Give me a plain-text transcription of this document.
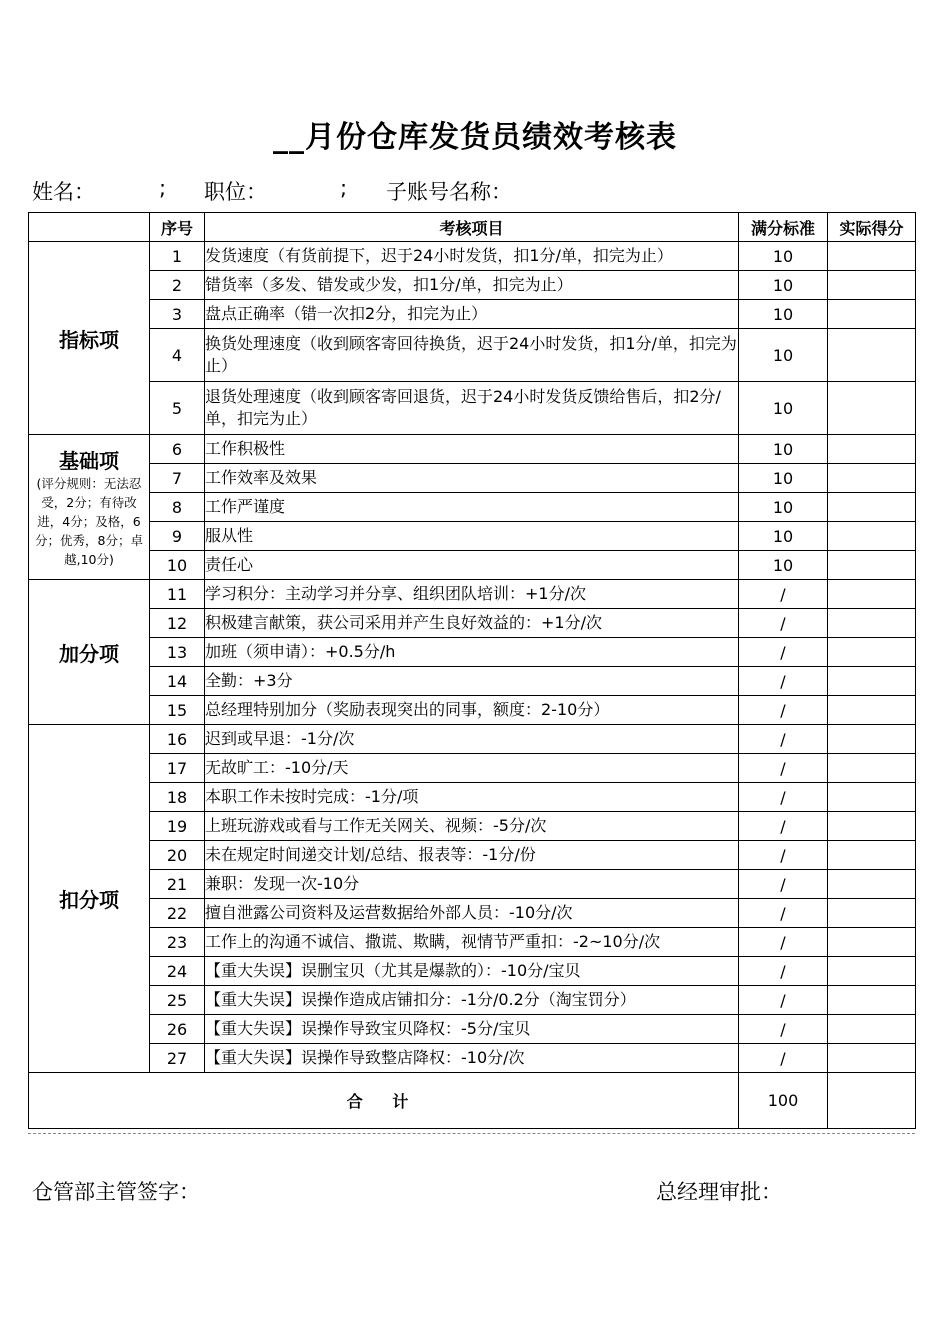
__月份仓库发货员绩效考核表
姓名：	; 职位：	; 子账号名称：
	序号	考核项目	满分标准	实际得分

指标项	1	发货速度（有货前提下，迟于24小时发货，扣1分/单，扣完为止）	10	
	2	错货率（多发、错发或少发，扣1分/单，扣完为止）	10	
	3	盘点正确率（错一次扣2分，扣完为止）	10	
	4	换货处理速度（收到顾客寄回待换货，迟于24小时发货，扣1分/单，扣完为止）	10	
	5	退货处理速度（收到顾客寄回退货，迟于24小时发货反馈给售后，扣2分/单，扣完为止）	10	

基础项
(评分规则：无法忍受，2分；有待改进，4分；及格，6分；优秀，8分；卓越,10分)	6	工作积极性	10	
	7	工作效率及效果	10	
	8	工作严谨度	10	
	9	服从性	10	
	10	责任心	10	

加分项	11	学习积分：主动学习并分享、组织团队培训：+1分/次	/	
	12	积极建言献策，获公司采用并产生良好效益的：+1分/次	/	
	13	加班（须申请）：+0.5分/h	/	
	14	全勤：+3分	/	
	15	总经理特别加分（奖励表现突出的同事，额度：2-10分）	/	

扣分项	16	迟到或早退：-1分/次	/	
	17	无故旷工：-10分/天	/	
	18	本职工作未按时完成：-1分/项	/	
	19	上班玩游戏或看与工作无关网关、视频：-5分/次	/	
	20	未在规定时间递交计划/总结、报表等：-1分/份	/	
	21	兼职：发现一次-10分	/	
	22	擅自泄露公司资料及运营数据给外部人员：-10分/次	/	
	23	工作上的沟通不诚信、撒谎、欺瞒，视情节严重扣：-2~10分/次	/	
	24	【重大失误】误删宝贝（尤其是爆款的）：-10分/宝贝	/	
	25	【重大失误】误操作造成店铺扣分：-1分/0.2分（淘宝罚分）	/	
	26	【重大失误】误操作导致宝贝降权：-5分/宝贝	/	
	27	【重大失误】误操作导致整店降权：-10分/次	/	
合 计			100	
仓管部主管签字：	总经理审批：
